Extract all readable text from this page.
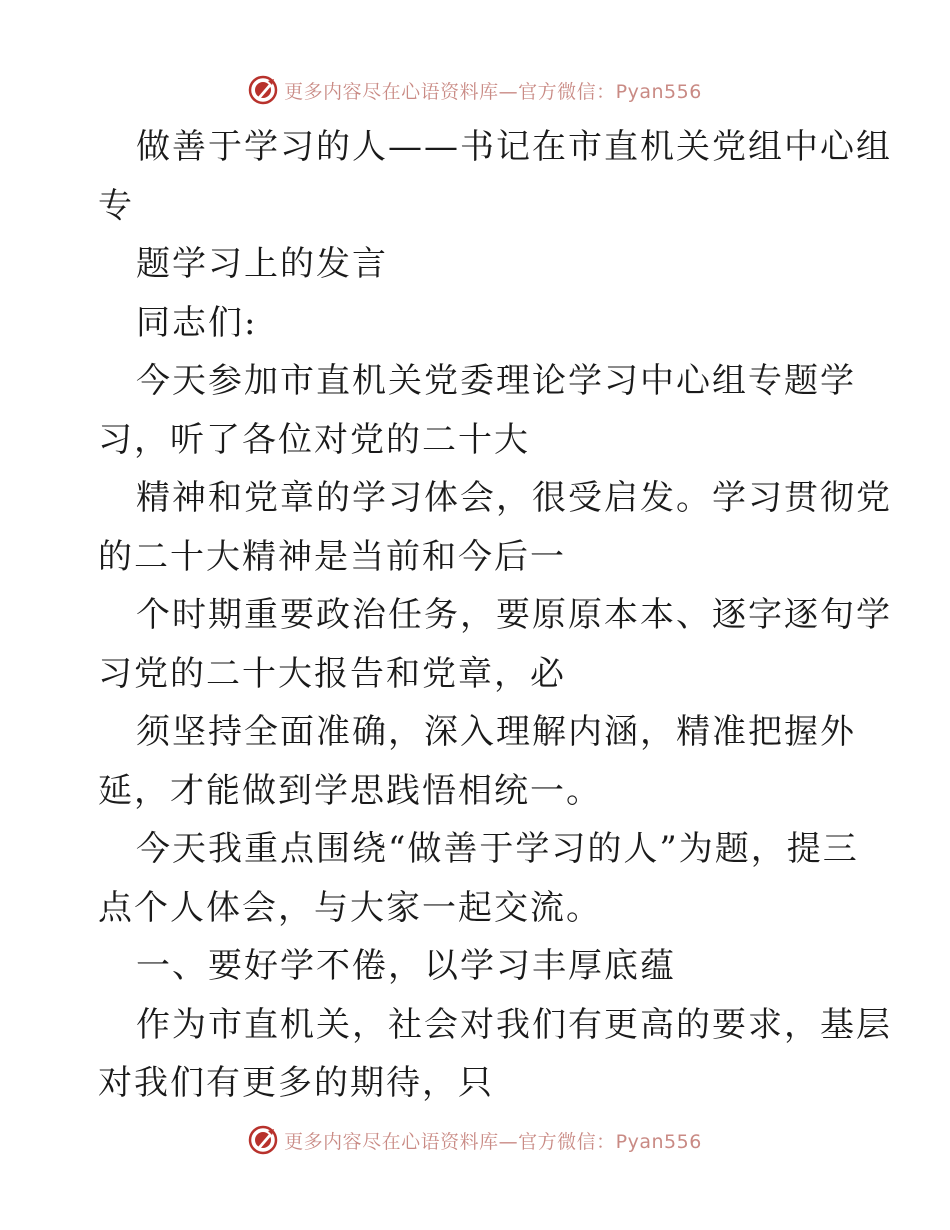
更多内容尽在心语资料库—官方微信：Pyan556
做善于学习的人——书记在市直机关党组中心组
专
题学习上的发言
同志们:
今天参加市直机关党委理论学习中心组专题学
习，听了各位对党的二十大
精神和党章的学习体会，很受启发。学习贯彻党
的二十大精神是当前和今后一
个时期重要政治任务，要原原本本、逐字逐句学
习党的二十大报告和党章，必
须坚持全面准确，深入理解内涵，精准把握外
延，才能做到学思践悟相统一。
今天我重点围绕“做善于学习的人”为题，提三
点个人体会，与大家一起交流。
一、要好学不倦，以学习丰厚底蕴
作为市直机关，社会对我们有更高的要求，基层
对我们有更多的期待，只
更多内容尽在心语资料库—官方微信：Pyan556
